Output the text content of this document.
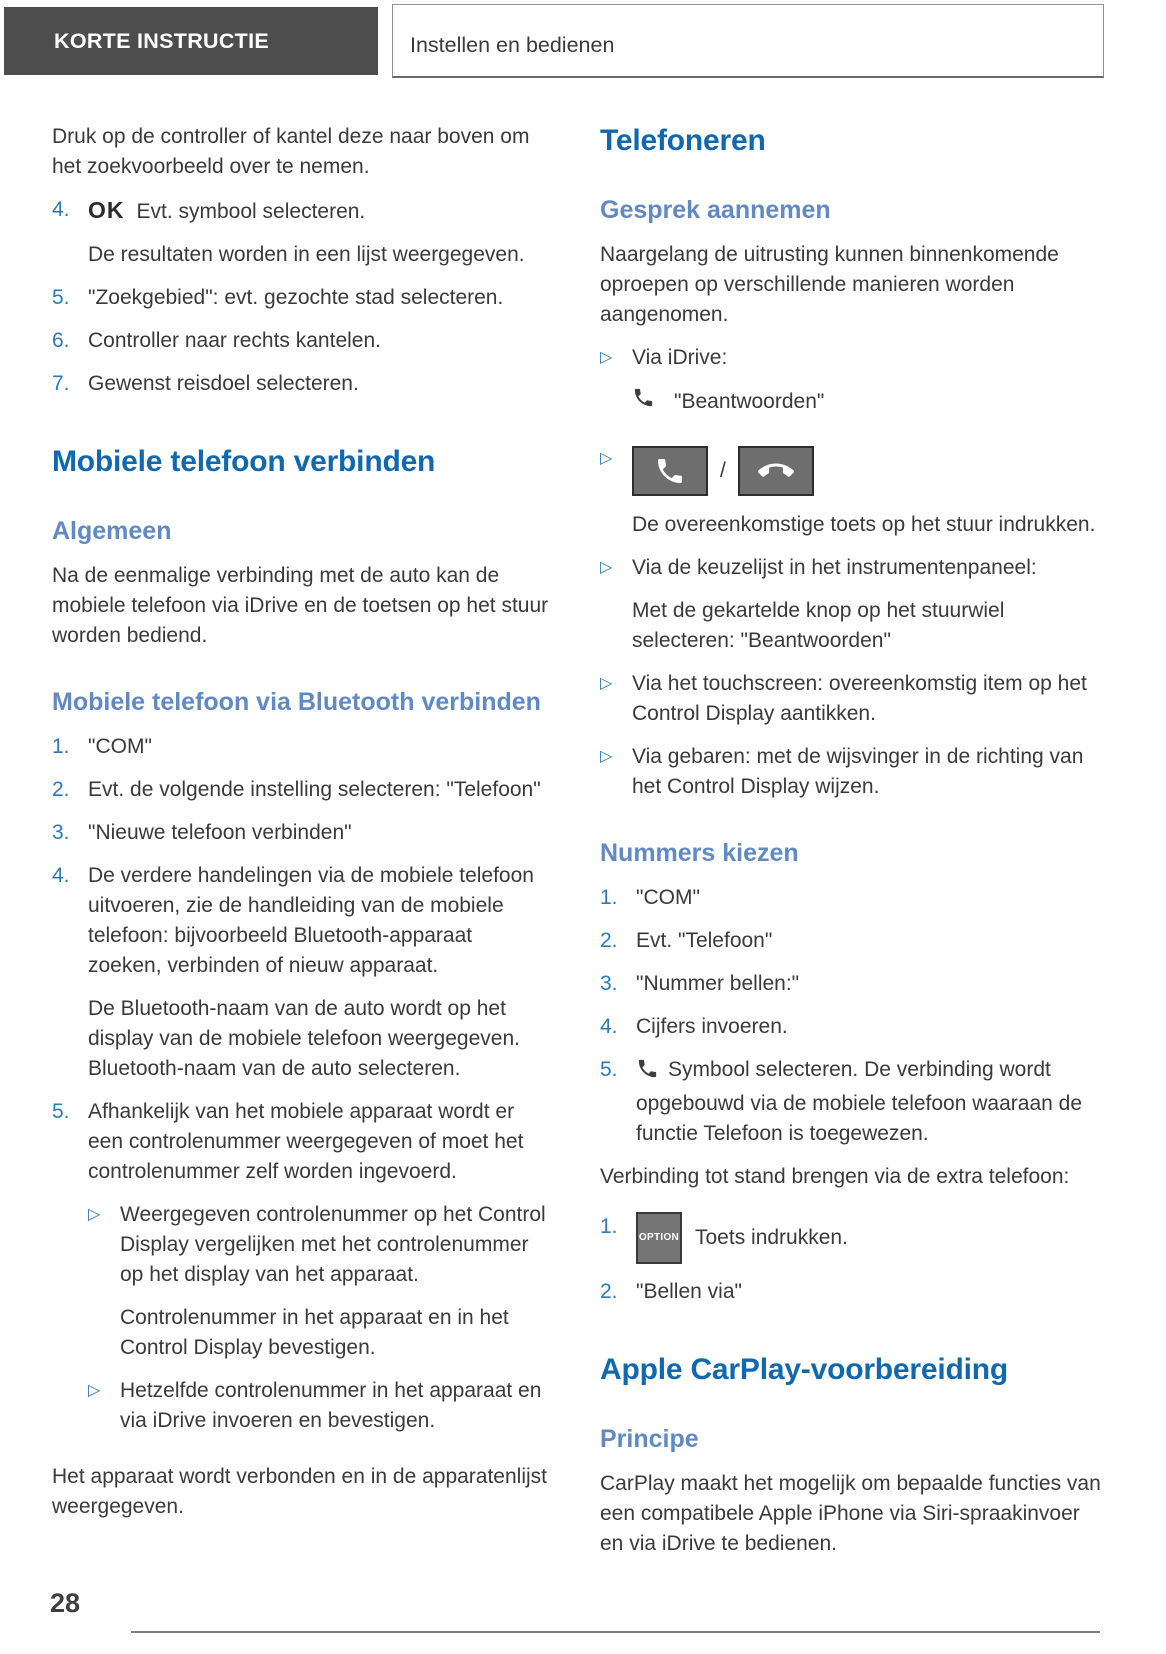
KORTE INSTRUCTIE	Instellen en bedienen

Druk op de controller of kantel deze naar boven om het zoekvoorbeeld over te nemen.

4. OK Evt. symbool selecteren.

De resultaten worden in een lijst weergegeven.

5. "Zoekgebied": evt. gezochte stad selecteren.

6. Controller naar rechts kantelen.

7. Gewenst reisdoel selecteren.

Mobiele telefoon verbinden
Algemeen

Na de eenmalige verbinding met de auto kan de mobiele telefoon via iDrive en de toetsen op het stuur worden bediend.

Mobiele telefoon via Bluetooth verbinden
1. "COM"

2. Evt. de volgende instelling selecteren: "Telefoon"

3. "Nieuwe telefoon verbinden"

4. De verdere handelingen via de mobiele telefoon uitvoeren, zie de handleiding van de mobiele telefoon: bijvoorbeeld Bluetooth-apparaat zoeken, verbinden of nieuw apparaat.

De Bluetooth-naam van de auto wordt op het display van de mobiele telefoon weergegeven. Bluetooth-naam van de auto selecteren.

5. Afhankelijk van het mobiele apparaat wordt er een controlenummer weergegeven of moet het controlenummer zelf worden ingevoerd.

▷ Weergegeven controlenummer op het Control Display vergelijken met het controlenummer op het display van het apparaat.

Controlenummer in het apparaat en in het Control Display bevestigen.

▷ Hetzelfde controlenummer in het apparaat en via iDrive invoeren en bevestigen.

Het apparaat wordt verbonden en in de apparatenlijst weergegeven.

Telefoneren
Gesprek aannemen

Naargelang de uitrusting kunnen binnenkomende oproepen op verschillende manieren worden aangenomen.

▷ Via iDrive:

"Beantwoorden"
▷
/

De overeenkomstige toets op het stuur indrukken.

▷ Via de keuzelijst in het instrumentenpaneel:

Met de gekartelde knop op het stuurwiel selecteren: "Beantwoorden"

▷ Via het touchscreen: overeenkomstig item op het Control Display aantikken.

▷ Via gebaren: met de wijsvinger in de richting van het Control Display wijzen.

Nummers kiezen
1. "COM"

2. Evt. "Telefoon"

3. "Nummer bellen:"

4. Cijfers invoeren.

5.	Symbool selecteren. De verbinding wordt opgebouwd via de mobiele telefoon waaraan de functie Telefoon is toegewezen.

Verbinding tot stand brengen via de extra telefoon:

1.	OPTION Toets indrukken.
2. "Bellen via"

Apple CarPlay-voorbereiding
Principe

CarPlay maakt het mogelijk om bepaalde functies van een compatibele Apple iPhone via Siri-spraakinvoer en via iDrive te bedienen.

28
